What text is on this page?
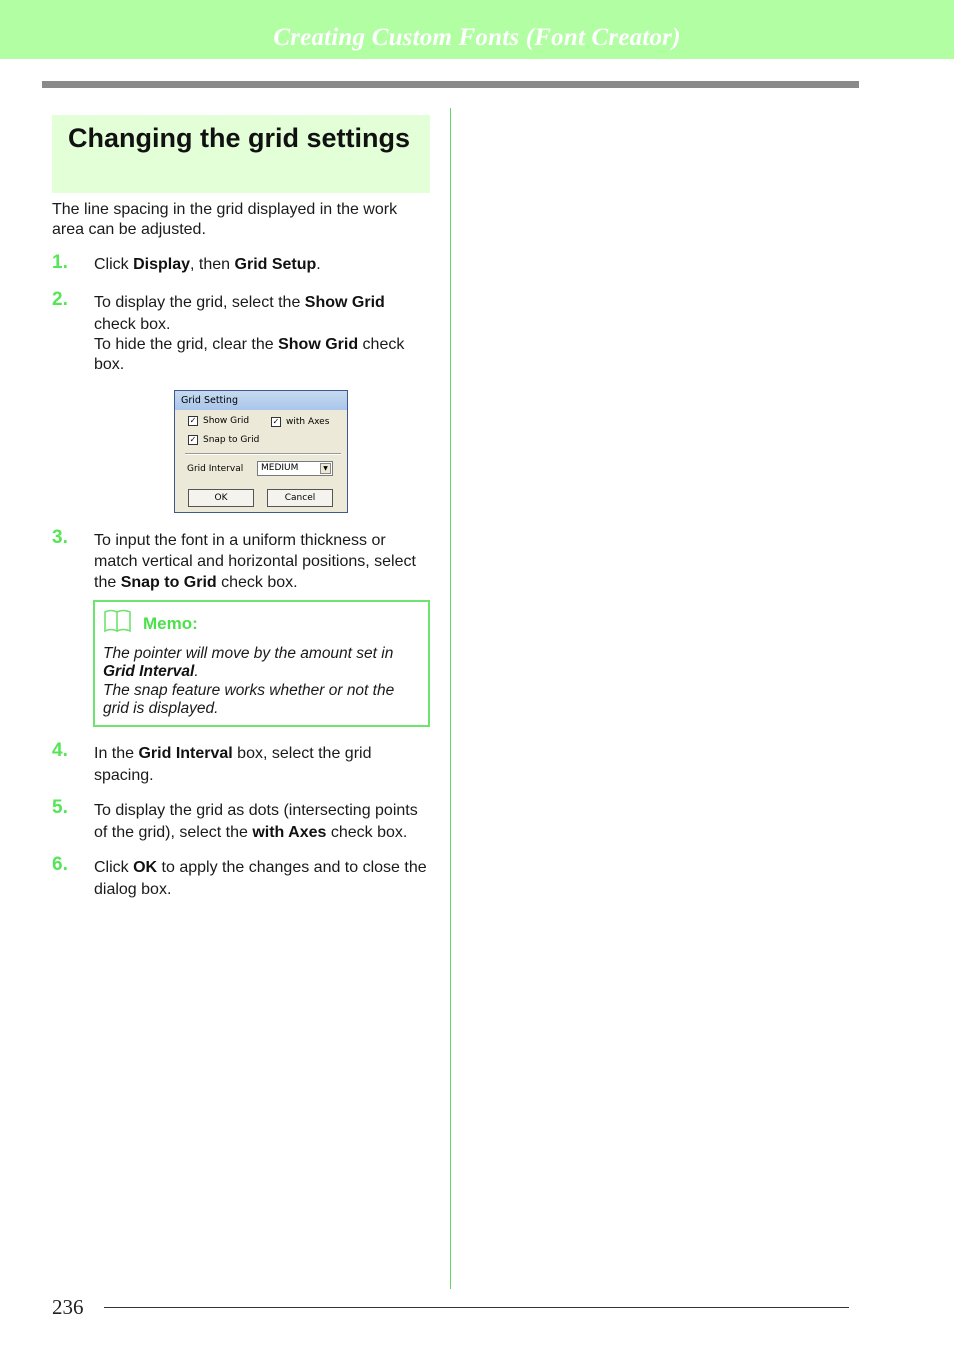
Creating Custom Fonts (Font Creator)
Changing the grid settings

The line spacing in the grid displayed in the work area can be adjusted.

1. Click Display, then Grid Setup.

2. To display the grid, select the Show Grid check box.

To hide the grid, clear the Show Grid check box.

Grid Setting
✓ Show Grid	✓ with Axes
✓ Snap to Grid
Grid Interval MEDIUM	▼
OK	Cancel
3. To input the font in a uniform thickness or match vertical and horizontal positions, select the Snap to Grid check box.

Memo:

The pointer will move by the amount set in Grid Interval.

The snap feature works whether or not the grid is displayed.

4. In the Grid Interval box, select the grid spacing.

5. To display the grid as dots (intersecting points of the grid), select the with Axes check box.

6. Click OK to apply the changes and to close the dialog box.

236
